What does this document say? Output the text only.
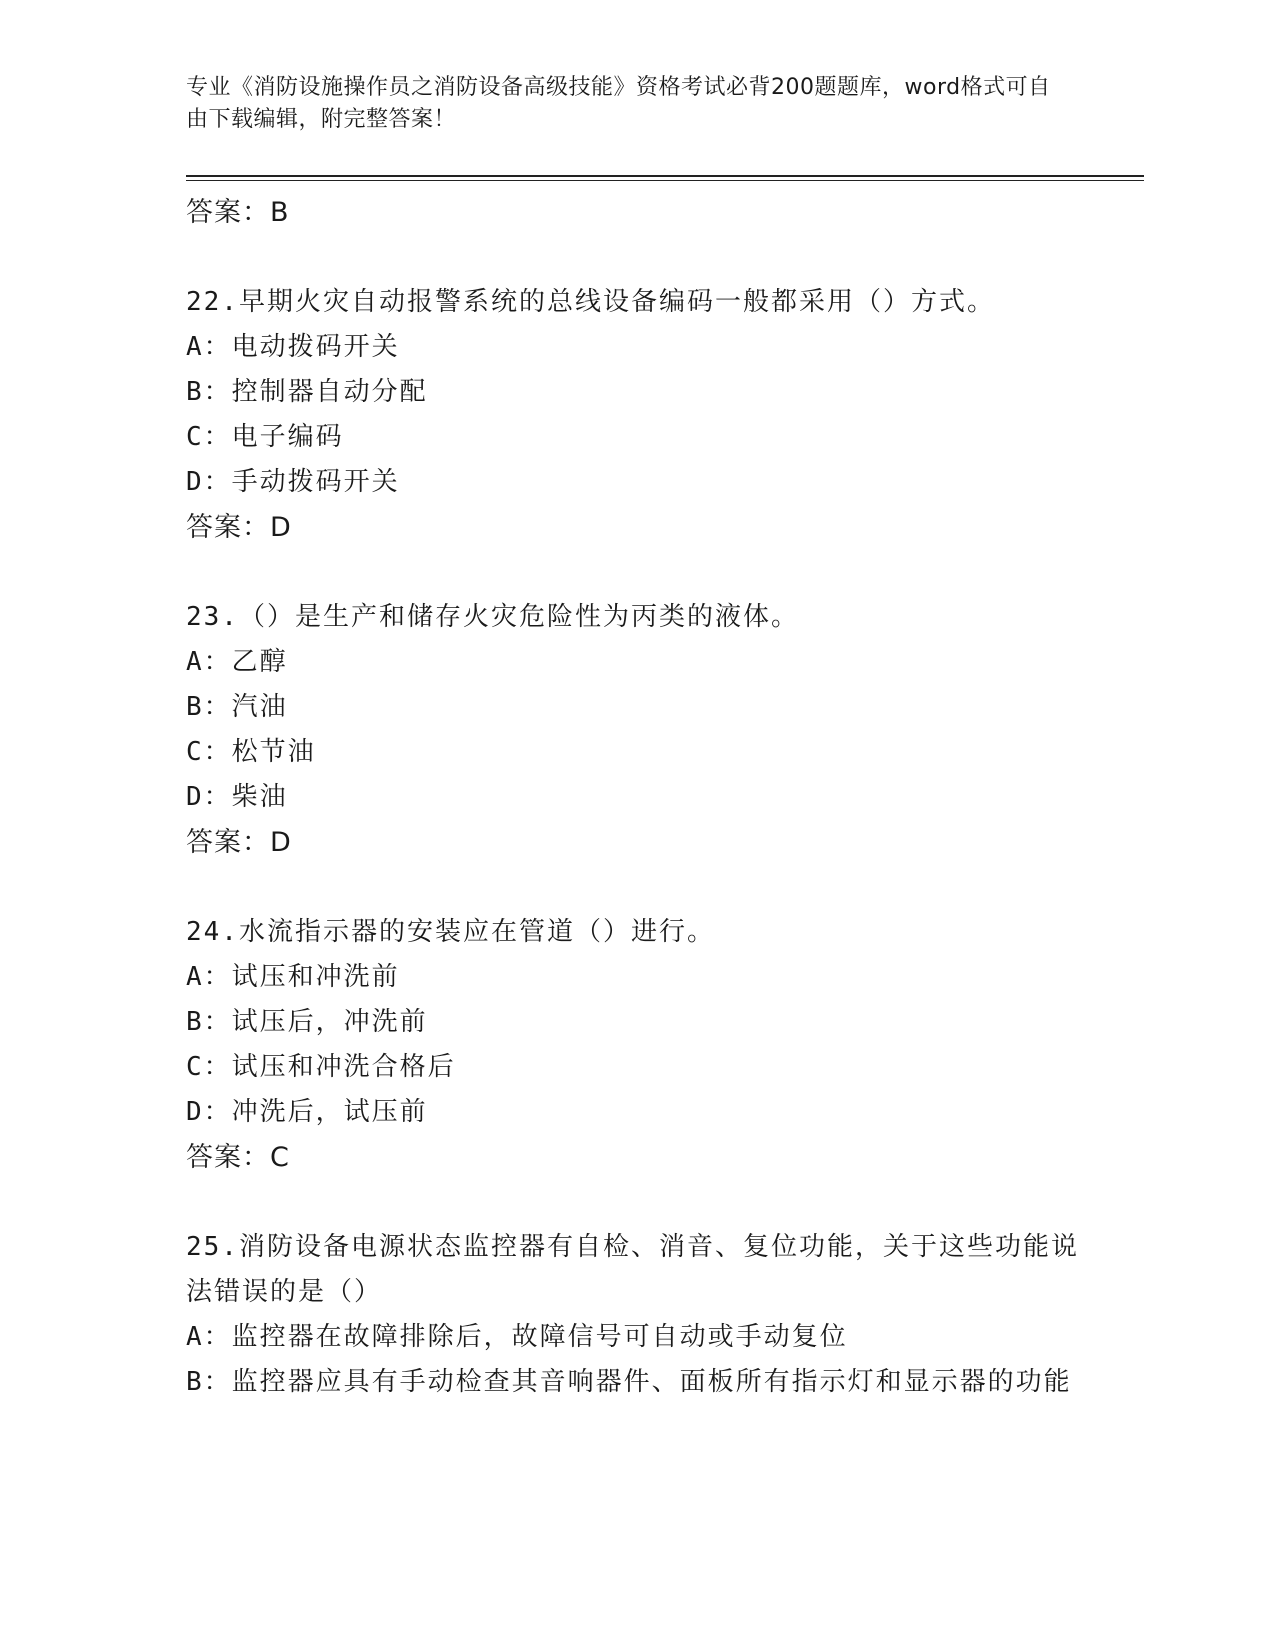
专业《消防设施操作员之消防设备高级技能》资格考试必背200题题库，word格式可自由下载编辑，附完整答案！
答案：B
22.早期火灾自动报警系统的总线设备编码一般都采用（）方式。
A：电动拨码开关
B：控制器自动分配
C：电子编码
D：手动拨码开关
答案：D
23.（）是生产和储存火灾危险性为丙类的液体。
A：乙醇
B：汽油
C：松节油
D：柴油
答案：D
24.水流指示器的安装应在管道（）进行。
A：试压和冲洗前
B：试压后，冲洗前
C：试压和冲洗合格后
D：冲洗后，试压前
答案：C
25.消防设备电源状态监控器有自检、消音、复位功能，关于这些功能说法错误的是（）
A：监控器在故障排除后，故障信号可自动或手动复位
B：监控器应具有手动检查其音响器件、面板所有指示灯和显示器的功能
